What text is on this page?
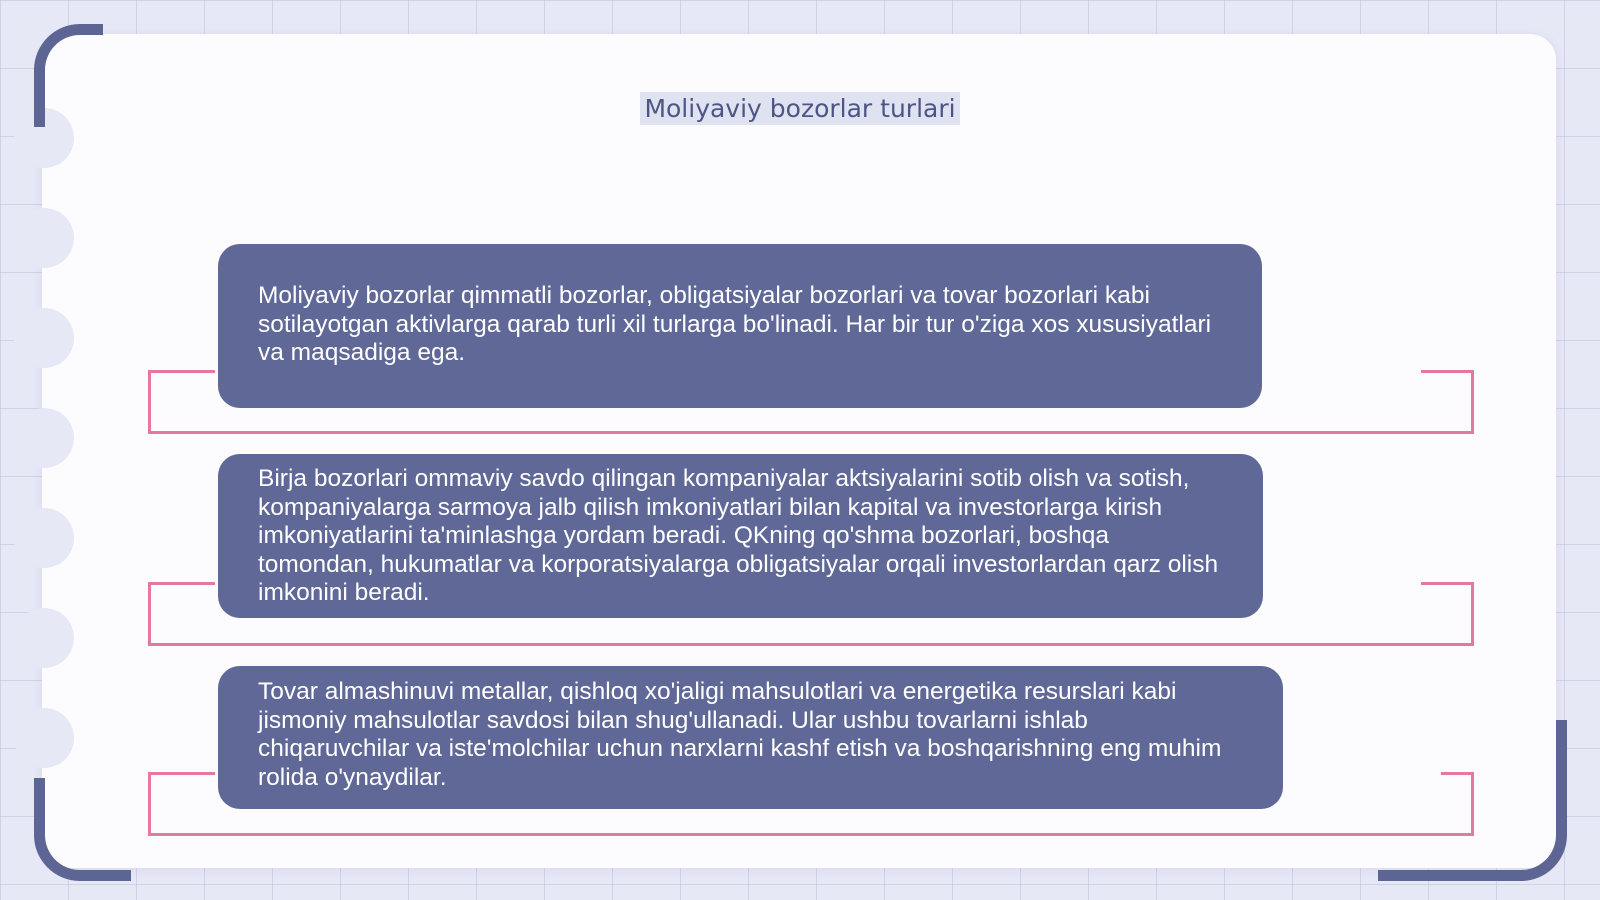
Moliyaviy bozorlar turlari

Moliyaviy bozorlar qimmatli bozorlar, obligatsiyalar bozorlari va tovar bozorlari kabi sotilayotgan aktivlarga qarab turli xil turlarga bo'linadi. Har bir tur o'ziga xos xususiyatlari va maqsadiga ega.

Birja bozorlari ommaviy savdo qilingan kompaniyalar aktsiyalarini sotib olish va sotish, kompaniyalarga sarmoya jalb qilish imkoniyatlari bilan kapital va investorlarga kirish imkoniyatlarini ta'minlashga yordam beradi. QKning qo'shma bozorlari, boshqa tomondan, hukumatlar va korporatsiyalarga obligatsiyalar orqali investorlardan qarz olish imkonini beradi.

Tovar almashinuvi metallar, qishloq xo'jaligi mahsulotlari va energetika resurslari kabi jismoniy mahsulotlar savdosi bilan shug'ullanadi. Ular ushbu tovarlarni ishlab chiqaruvchilar va iste'molchilar uchun narxlarni kashf etish va boshqarishning eng muhim rolida o'ynaydilar.
